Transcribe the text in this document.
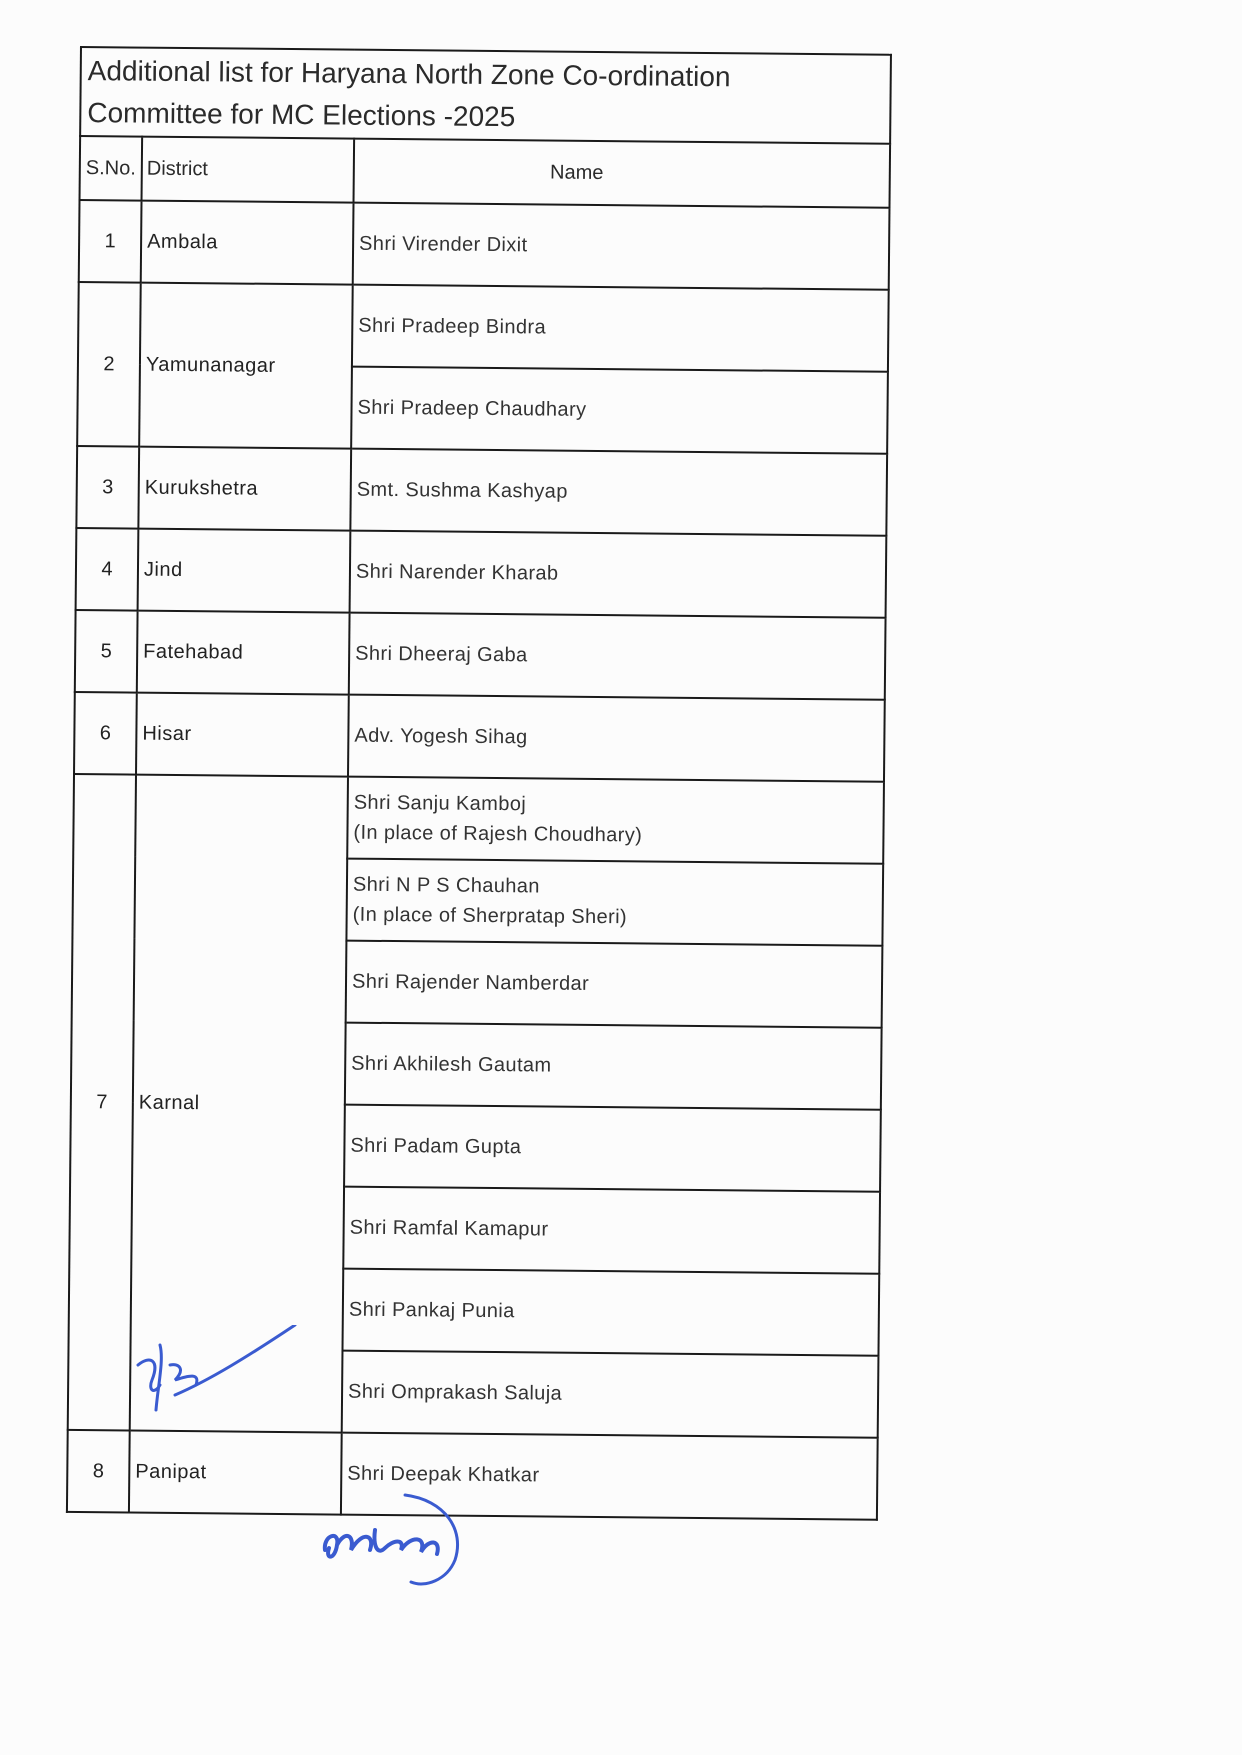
Additional list for Haryana North Zone Co-ordination
Committee for MC Elections -2025		

S.No.	District	Name
1	Ambala	Shri Virender Dixit

2	Yamunanagar	Shri Pradeep Bindra

		Shri Pradeep Chaudhary

3	Kurukshetra	Smt. Sushma Kashyap

4	Jind	Shri Narender Kharab

5	Fatehabad	Shri Dheeraj Gaba

6	Hisar	Adv. Yogesh Sihag

7	Karnal	Shri Sanju Kamboj
(In place of Rajesh Choudhary)

		Shri N P S Chauhan
(In place of Sherpratap Sheri)

		Shri Rajender Namberdar

		Shri Akhilesh Gautam

		Shri Padam Gupta

		Shri Ramfal Kamapur

		Shri Pankaj Punia

		Shri Omprakash Saluja

8	Panipat	Shri Deepak Khatkar
